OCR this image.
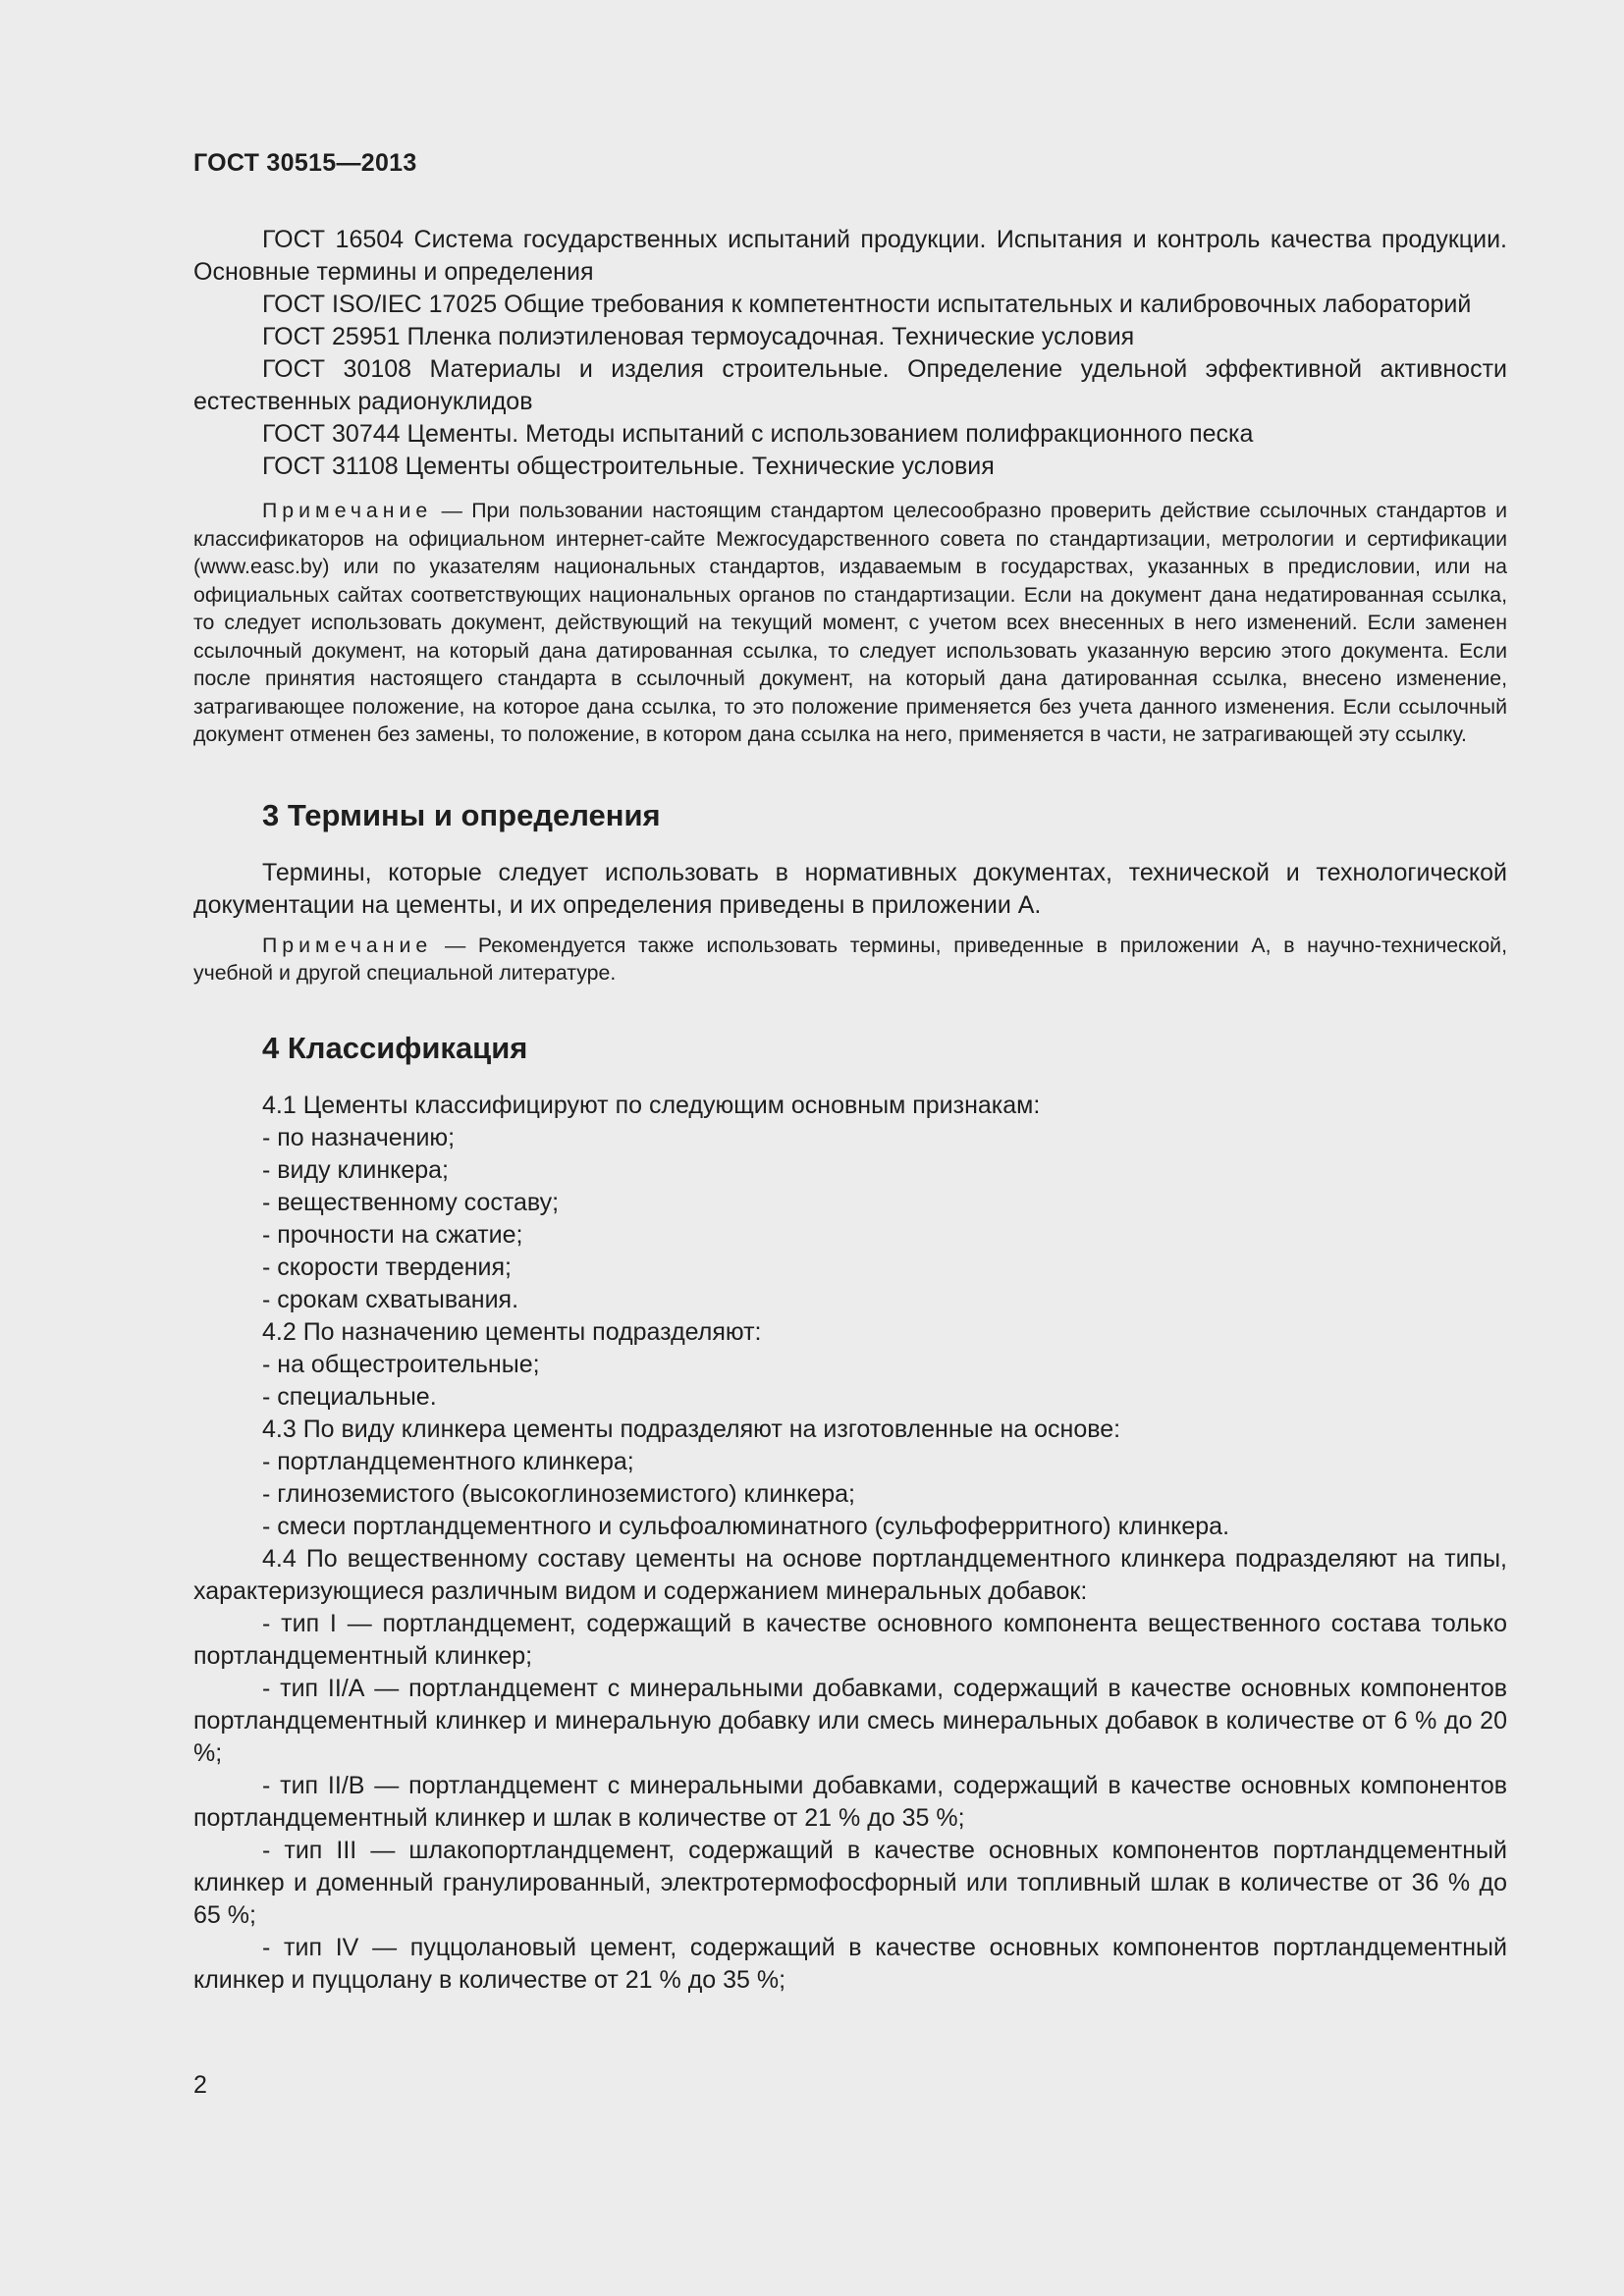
ГОСТ 30515—2013

ГОСТ 16504 Система государственных испытаний продукции. Испытания и контроль качества продукции. Основные термины и определения

ГОСТ ISO/IEC 17025 Общие требования к компетентности испытательных и калибровочных лабораторий

ГОСТ 25951 Пленка полиэтиленовая термоусадочная. Технические условия

ГОСТ 30108 Материалы и изделия строительные. Определение удельной эффективной активности естественных радионуклидов

ГОСТ 30744 Цементы. Методы испытаний с использованием полифракционного песка

ГОСТ 31108 Цементы общестроительные. Технические условия

Примечание — При пользовании настоящим стандартом целесообразно проверить действие ссылочных стандартов и классификаторов на официальном интернет-сайте Межгосударственного совета по стандартизации, метрологии и сертификации (www.easc.by) или по указателям национальных стандартов, издаваемым в государствах, указанных в предисловии, или на официальных сайтах соответствующих национальных органов по стандартизации. Если на документ дана недатированная ссылка, то следует использовать документ, действующий на текущий момент, с учетом всех внесенных в него изменений. Если заменен ссылочный документ, на который дана датированная ссылка, то следует использовать указанную версию этого документа. Если после принятия настоящего стандарта в ссылочный документ, на который дана датированная ссылка, внесено изменение, затрагивающее положение, на которое дана ссылка, то это положение применяется без учета данного изменения. Если ссылочный документ отменен без замены, то положение, в котором дана ссылка на него, применяется в части, не затрагивающей эту ссылку.

3 Термины и определения

Термины, которые следует использовать в нормативных документах, технической и технологической документации на цементы, и их определения приведены в приложении А.

Примечание — Рекомендуется также использовать термины, приведенные в приложении А, в научно-технической, учебной и другой специальной литературе.

4 Классификация

4.1 Цементы классифицируют по следующим основным признакам:

- по назначению;

- виду клинкера;

- вещественному составу;

- прочности на сжатие;

- скорости твердения;

- срокам схватывания.

4.2 По назначению цементы подразделяют:

- на общестроительные;

- специальные.

4.3 По виду клинкера цементы подразделяют на изготовленные на основе:

- портландцементного клинкера;

- глиноземистого (высокоглиноземистого) клинкера;

- смеси портландцементного и сульфоалюминатного (сульфоферритного) клинкера.

4.4 По вещественному составу цементы на основе портландцементного клинкера подразделяют на типы, характеризующиеся различным видом и содержанием минеральных добавок:

- тип I — портландцемент, содержащий в качестве основного компонента вещественного состава только портландцементный клинкер;

- тип II/А — портландцемент с минеральными добавками, содержащий в качестве основных компонентов портландцементный клинкер и минеральную добавку или смесь минеральных добавок в количестве от 6 % до 20 %;

- тип II/В — портландцемент с минеральными добавками, содержащий в качестве основных компонентов портландцементный клинкер и шлак в количестве от 21 % до 35 %;

- тип III — шлакопортландцемент, содержащий в качестве основных компонентов портландцементный клинкер и доменный гранулированный, электротермофосфорный или топливный шлак в количестве от 36 % до 65 %;

- тип IV — пуццолановый цемент, содержащий в качестве основных компонентов портландцементный клинкер и пуццолану в количестве от 21 % до 35 %;

2
